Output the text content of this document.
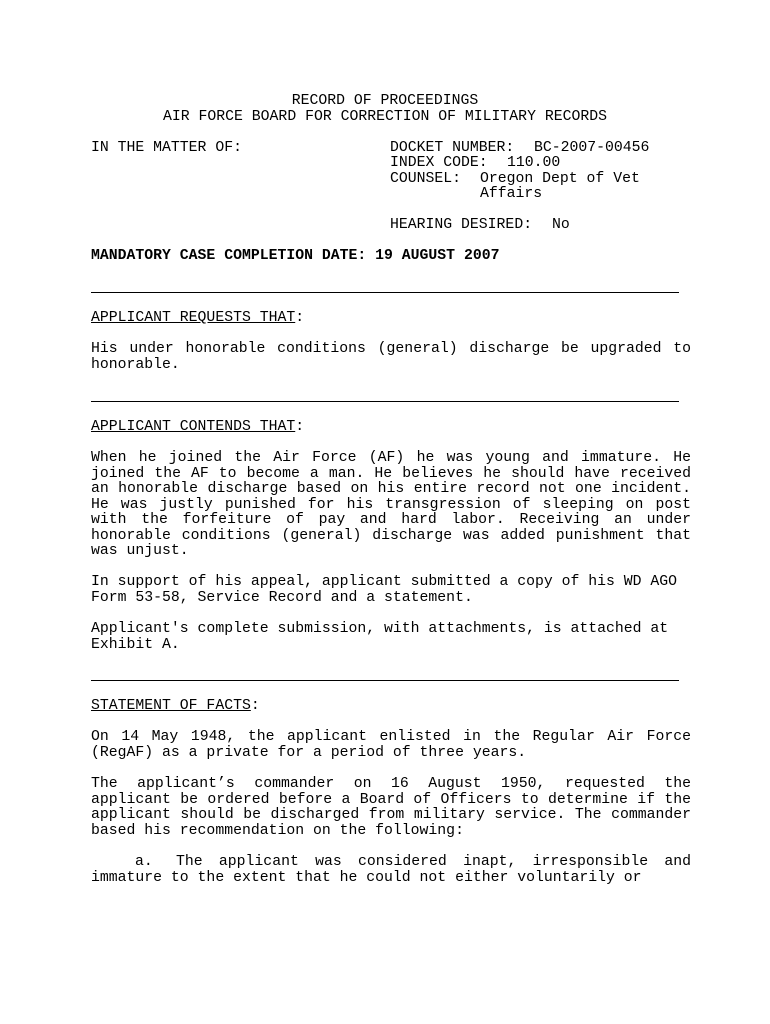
RECORD OF PROCEEDINGS
AIR FORCE BOARD FOR CORRECTION OF MILITARY RECORDS
IN THE MATTER OF:	DOCKET NUMBER: BC-2007-00456
INDEX CODE: 110.00
COUNSEL: Oregon Dept of Vet
Affairs
HEARING DESIRED: No
MANDATORY CASE COMPLETION DATE: 19 AUGUST 2007
APPLICANT REQUESTS THAT:
His under honorable conditions (general) discharge be upgraded to honorable.
APPLICANT CONTENDS THAT:
When he joined the Air Force (AF) he was young and immature. He joined the AF to become a man. He believes he should have received an honorable discharge based on his entire record not one incident. He was justly punished for his transgression of sleeping on post with the forfeiture of pay and hard labor. Receiving an under honorable conditions (general) discharge was added punishment that was unjust.
In support of his appeal, applicant submitted a copy of his WD AGO Form 53-58, Service Record and a statement.
Applicant's complete submission, with attachments, is attached at Exhibit A.
STATEMENT OF FACTS:
On 14 May 1948, the applicant enlisted in the Regular Air Force (RegAF) as a private for a period of three years.
The applicant’s commander on 16 August 1950, requested the applicant be ordered before a Board of Officers to determine if the applicant should be discharged from military service. The commander based his recommendation on the following:
a.	The applicant was considered inapt, irresponsible and immature to the extent that he could not either voluntarily or
